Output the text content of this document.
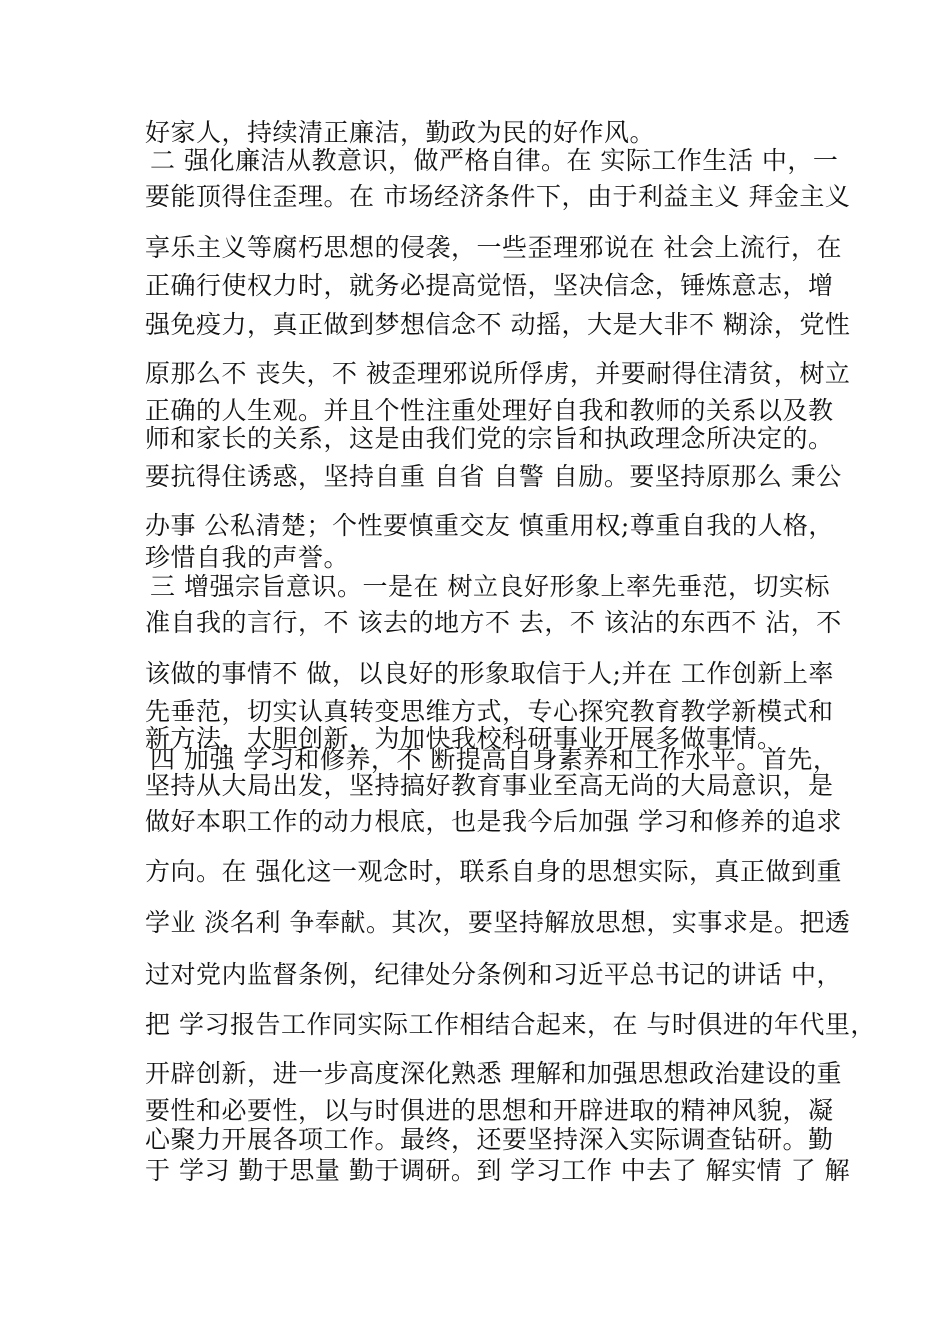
好家人，持续清正廉洁，勤政为民的好作风。
二 强化廉洁从教意识，做严格自律。在 实际工作生活 中，一
要能顶得住歪理。在 市场经济条件下，由于利益主义 拜金主义
享乐主义等腐朽思想的侵袭，一些歪理邪说在 社会上流行，在
正确行使权力时，就务必提高觉悟，坚决信念，锤炼意志，增
强免疫力，真正做到梦想信念不 动摇，大是大非不 糊涂，党性
原那么不 丧失，不 被歪理邪说所俘虏，并要耐得住清贫，树立
正确的人生观。并且个性注重处理好自我和教师的关系以及教
师和家长的关系，这是由我们党的宗旨和执政理念所决定的。
要抗得住诱惑，坚持自重 自省 自警 自励。要坚持原那么 秉公
办事 公私清楚；个性要慎重交友 慎重用权;尊重自我的人格，
珍惜自我的声誉。
三 增强宗旨意识。一是在 树立良好形象上率先垂范，切实标
准自我的言行，不 该去的地方不 去，不 该沾的东西不 沾，不
该做的事情不 做，以良好的形象取信于人;并在 工作创新上率
先垂范，切实认真转变思维方式，专心探究教育教学新模式和
新方法，大胆创新，为加快我校科研事业开展多做事情。
四 加强 学习和修养，不 断提高自身素养和工作水平。首先，
坚持从大局出发，坚持搞好教育事业至高无尚的大局意识，是
做好本职工作的动力根底，也是我今后加强 学习和修养的追求
方向。在 强化这一观念时，联系自身的思想实际，真正做到重
学业 淡名利 争奉献。其次，要坚持解放思想，实事求是。把透
过对党内监督条例，纪律处分条例和习近平总书记的讲话 中，
把 学习报告工作同实际工作相结合起来，在 与时俱进的年代里，
开辟创新，进一步高度深化熟悉 理解和加强思想政治建设的重
要性和必要性，以与时俱进的思想和开辟进取的精神风貌，凝
心聚力开展各项工作。最终，还要坚持深入实际调查钻研。勤
于 学习 勤于思量 勤于调研。到 学习工作 中去了 解实情 了 解
